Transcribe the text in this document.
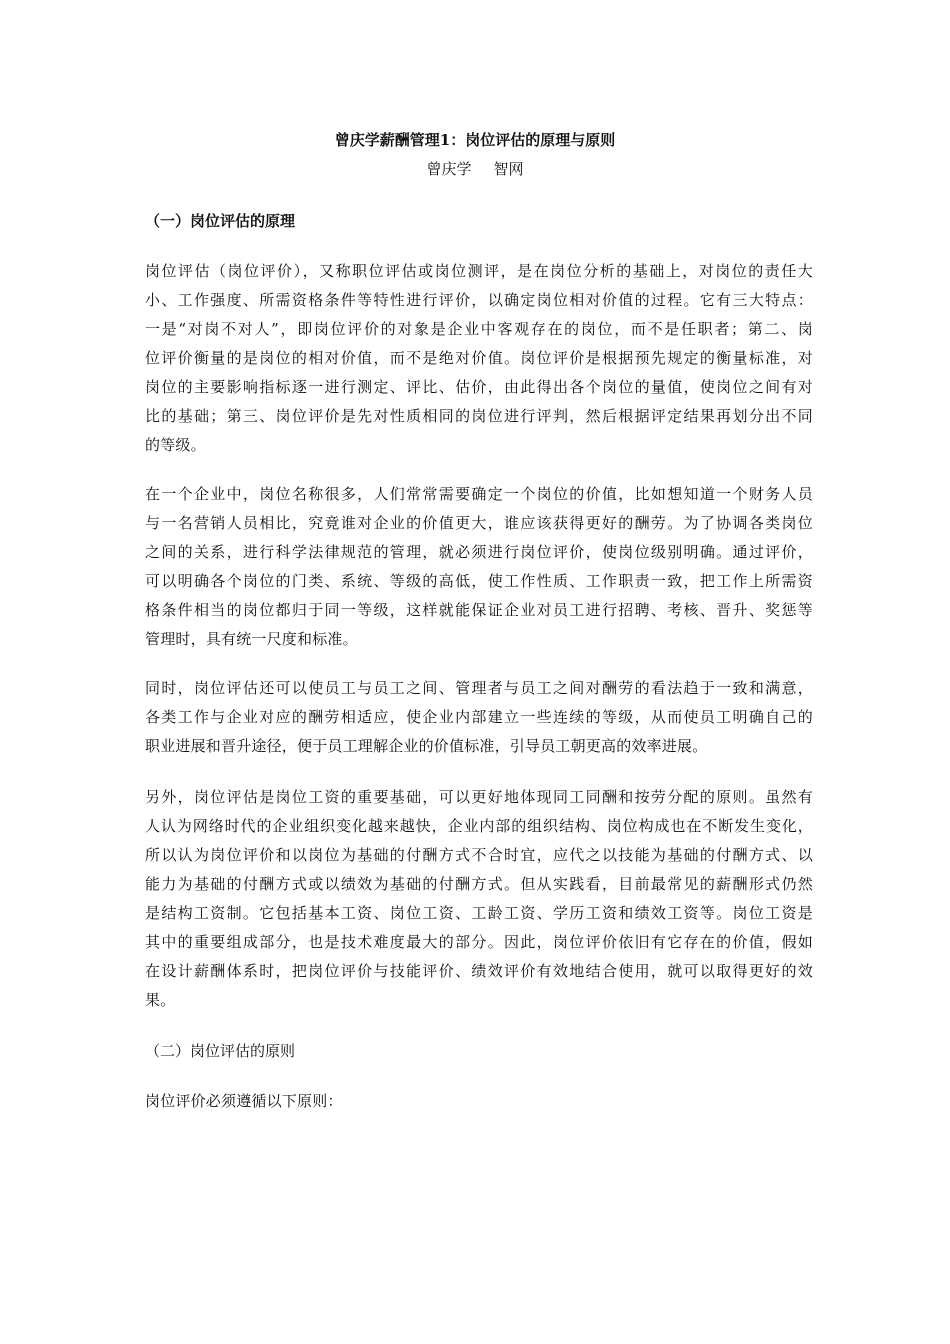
曾庆学薪酬管理1：岗位评估的原理与原则
曾庆学 智网
（一）岗位评估的原理
岗位评估（岗位评价），又称职位评估或岗位测评，是在岗位分析的基础上，对岗位的责任大
小、工作强度、所需资格条件等特性进行评价，以确定岗位相对价值的过程。它有三大特点：
一是“对岗不对人”，即岗位评价的对象是企业中客观存在的岗位，而不是任职者；第二、岗
位评价衡量的是岗位的相对价值，而不是绝对价值。岗位评价是根据预先规定的衡量标准，对
岗位的主要影响指标逐一进行测定、评比、估价，由此得出各个岗位的量值，使岗位之间有对
比的基础；第三、岗位评价是先对性质相同的岗位进行评判，然后根据评定结果再划分出不同
的等级。
在一个企业中，岗位名称很多，人们常常需要确定一个岗位的价值，比如想知道一个财务人员
与一名营销人员相比，究竟谁对企业的价值更大，谁应该获得更好的酬劳。为了协调各类岗位
之间的关系，进行科学法律规范的管理，就必须进行岗位评价，使岗位级别明确。通过评价，
可以明确各个岗位的门类、系统、等级的高低，使工作性质、工作职责一致，把工作上所需资
格条件相当的岗位都归于同一等级，这样就能保证企业对员工进行招聘、考核、晋升、奖惩等
管理时，具有统一尺度和标准。
同时，岗位评估还可以使员工与员工之间、管理者与员工之间对酬劳的看法趋于一致和满意，
各类工作与企业对应的酬劳相适应，使企业内部建立一些连续的等级，从而使员工明确自己的
职业进展和晋升途径，便于员工理解企业的价值标准，引导员工朝更高的效率进展。
另外，岗位评估是岗位工资的重要基础，可以更好地体现同工同酬和按劳分配的原则。虽然有
人认为网络时代的企业组织变化越来越快，企业内部的组织结构、岗位构成也在不断发生变化，
所以认为岗位评价和以岗位为基础的付酬方式不合时宜，应代之以技能为基础的付酬方式、以
能力为基础的付酬方式或以绩效为基础的付酬方式。但从实践看，目前最常见的薪酬形式仍然
是结构工资制。它包括基本工资、岗位工资、工龄工资、学历工资和绩效工资等。岗位工资是
其中的重要组成部分，也是技术难度最大的部分。因此，岗位评价依旧有它存在的价值，假如
在设计薪酬体系时，把岗位评价与技能评价、绩效评价有效地结合使用，就可以取得更好的效
果。
（二）岗位评估的原则
岗位评价必须遵循以下原则：
